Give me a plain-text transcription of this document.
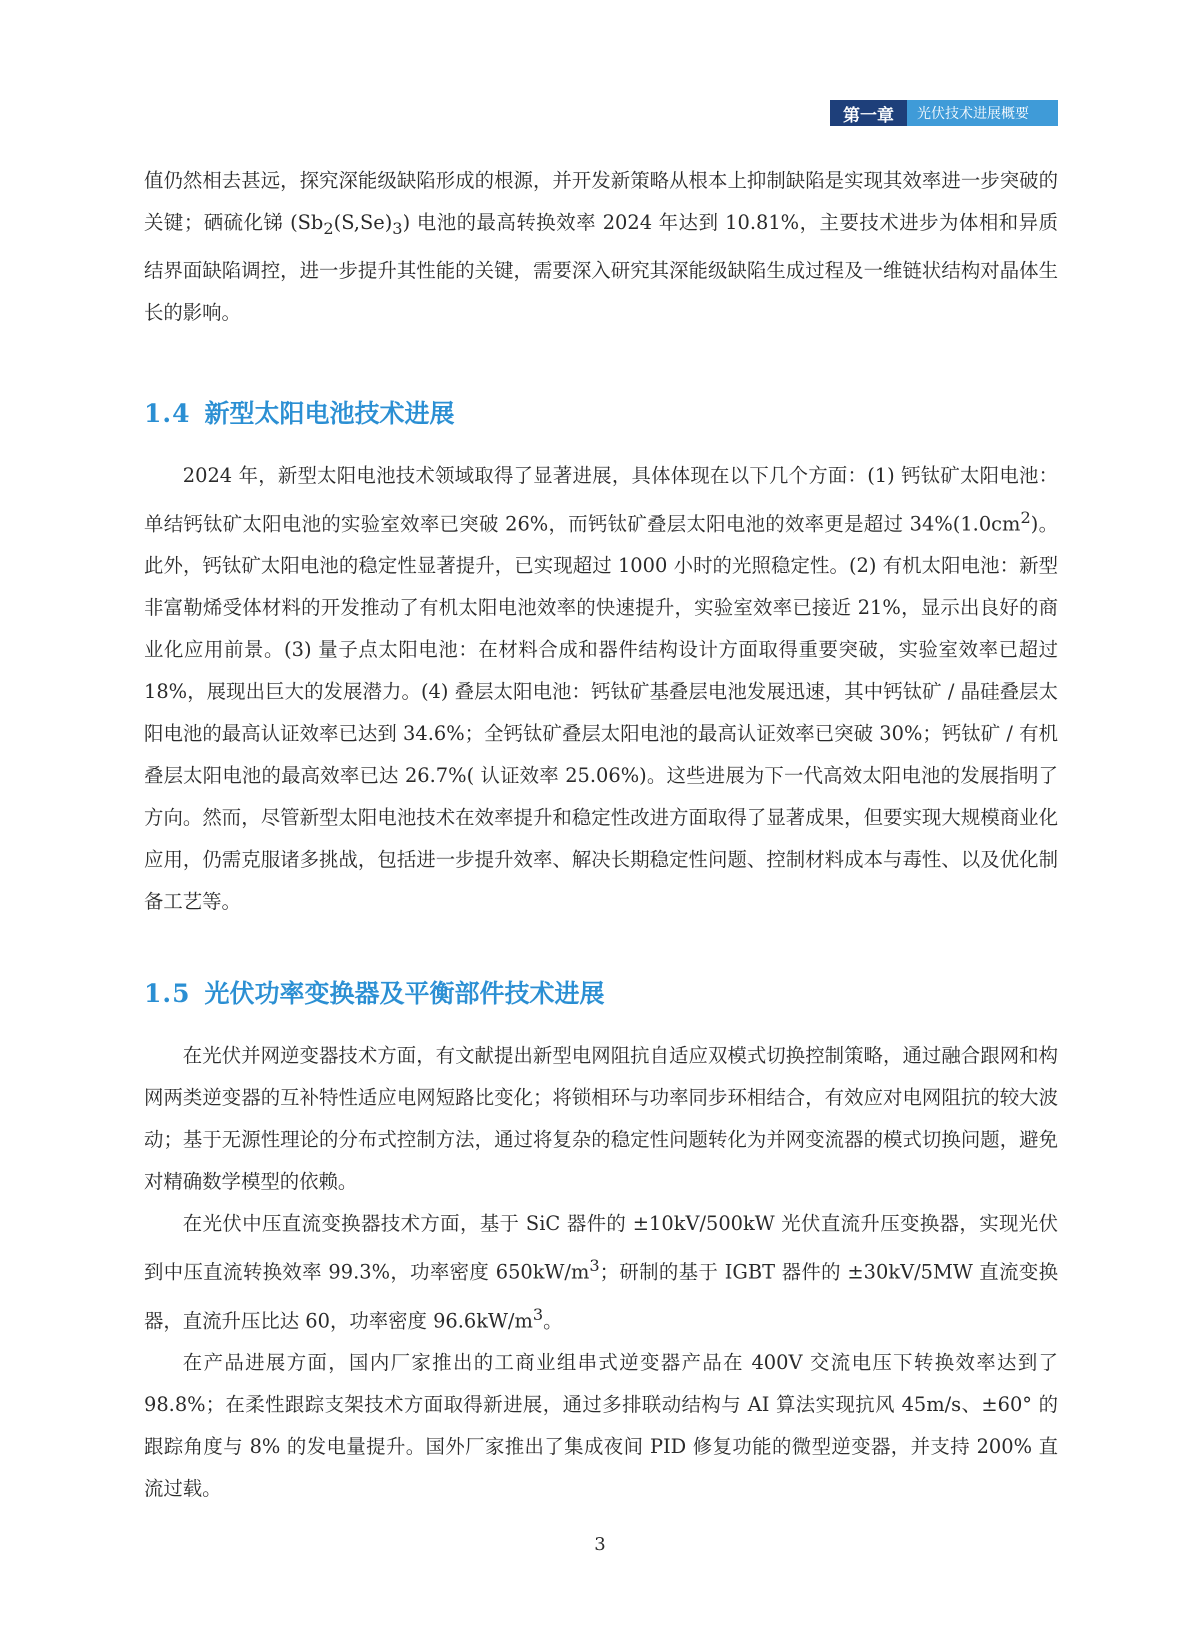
第一章	光伏技术进展概要

值仍然相去甚远，探究深能级缺陷形成的根源，并开发新策略从根本上抑制缺陷是实现其效率进一步突破的关键；硒硫化锑 $(Sb_2(S,Se)_3)$ 电池的最高转换效率 2024 年达到 10.81%，主要技术进步为体相和异质结界面缺陷调控，进一步提升其性能的关键，需要深入研究其深能级缺陷生成过程及一维链状结构对晶体生长的影响。

1.4 新型太阳电池技术进展

2024 年，新型太阳电池技术领域取得了显著进展，具体体现在以下几个方面：(1) 钙钛矿太阳电池：单结钙钛矿太阳电池的实验室效率已突破 26%，而钙钛矿叠层太阳电池的效率更是超过 $34\%(1.0cm^2)$。此外，钙钛矿太阳电池的稳定性显著提升，已实现超过 1000 小时的光照稳定性。(2) 有机太阳电池：新型非富勒烯受体材料的开发推动了有机太阳电池效率的快速提升，实验室效率已接近 21%，显示出良好的商业化应用前景。(3) 量子点太阳电池：在材料合成和器件结构设计方面取得重要突破，实验室效率已超过 18%，展现出巨大的发展潜力。(4) 叠层太阳电池：钙钛矿基叠层电池发展迅速，其中钙钛矿 / 晶硅叠层太阳电池的最高认证效率已达到 34.6%；全钙钛矿叠层太阳电池的最高认证效率已突破 30%；钙钛矿 / 有机叠层太阳电池的最高效率已达 26.7%( 认证效率 25.06%)。这些进展为下一代高效太阳电池的发展指明了方向。然而，尽管新型太阳电池技术在效率提升和稳定性改进方面取得了显著成果，但要实现大规模商业化应用，仍需克服诸多挑战，包括进一步提升效率、解决长期稳定性问题、控制材料成本与毒性、以及优化制备工艺等。

1.5 光伏功率变换器及平衡部件技术进展

在光伏并网逆变器技术方面，有文献提出新型电网阻抗自适应双模式切换控制策略，通过融合跟网和构网两类逆变器的互补特性适应电网短路比变化；将锁相环与功率同步环相结合，有效应对电网阻抗的较大波动；基于无源性理论的分布式控制方法，通过将复杂的稳定性问题转化为并网变流器的模式切换问题，避免对精确数学模型的依赖。

在光伏中压直流变换器技术方面，基于 SiC 器件的 ±10kV/500kW 光伏直流升压变换器，实现光伏到中压直流转换效率 99.3%，功率密度 $650kW/m^3$；研制的基于 IGBT 器件的 ±30kV/5MW 直流变换器，直流升压比达 60，功率密度 $96.6kW/m^3$。

在产品进展方面，国内厂家推出的工商业组串式逆变器产品在 400V 交流电压下转换效率达到了 98.8%；在柔性跟踪支架技术方面取得新进展，通过多排联动结构与 AI 算法实现抗风 45m/s、±60° 的跟踪角度与 8% 的发电量提升。国外厂家推出了集成夜间 PID 修复功能的微型逆变器，并支持 200% 直流过载。

3
